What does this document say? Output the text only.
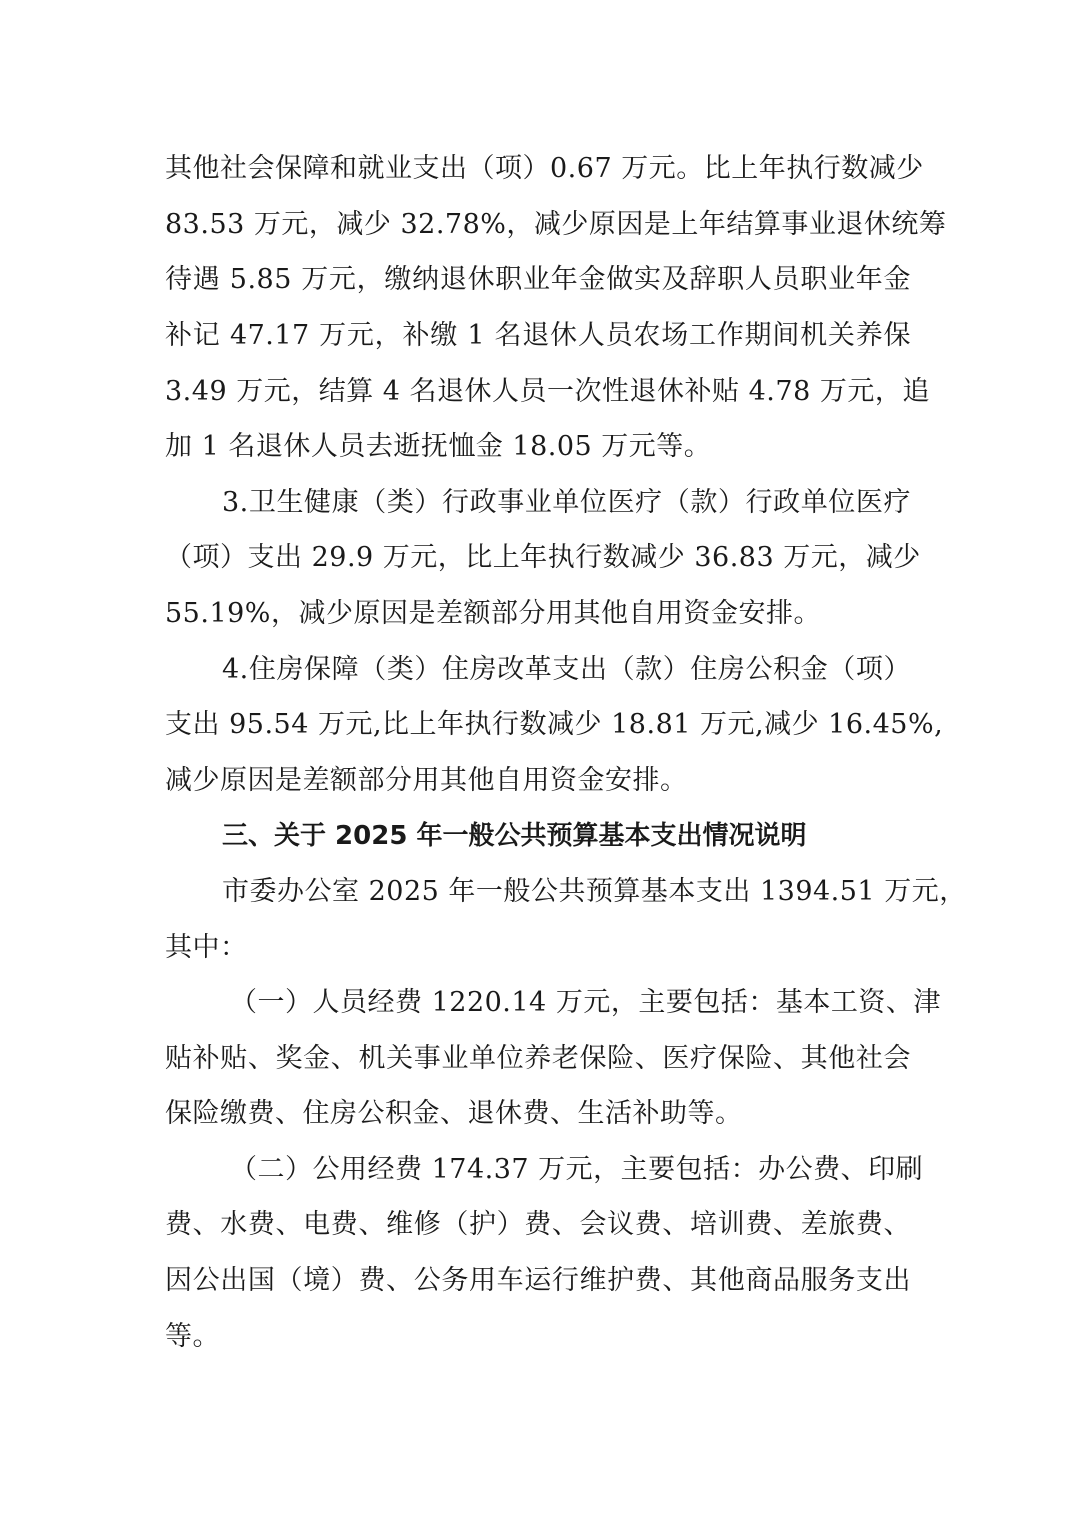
其他社会保障和就业支出（项）0.67 万元。比上年执行数减少

83.53 万元，减少 32.78%，减少原因是上年结算事业退休统筹

待遇 5.85 万元，缴纳退休职业年金做实及辞职人员职业年金

补记 47.17 万元，补缴 1 名退休人员农场工作期间机关养保

3.49 万元，结算 4 名退休人员一次性退休补贴 4.78 万元，追

加 1 名退休人员去逝抚恤金 18.05 万元等。

3.卫生健康（类）行政事业单位医疗（款）行政单位医疗

（项）支出 29.9 万元，比上年执行数减少 36.83 万元，减少

55.19%，减少原因是差额部分用其他自用资金安排。

4.住房保障（类）住房改革支出（款）住房公积金（项）

支出 95.54 万元,比上年执行数减少 18.81 万元,减少 16.45%,

减少原因是差额部分用其他自用资金安排。

三、关于 2025 年一般公共预算基本支出情况说明

市委办公室 2025 年一般公共预算基本支出 1394.51 万元，

其中：

（一）人员经费 1220.14 万元，主要包括：基本工资、津

贴补贴、奖金、机关事业单位养老保险、医疗保险、其他社会

保险缴费、住房公积金、退休费、生活补助等。

（二）公用经费 174.37 万元，主要包括：办公费、印刷

费、水费、电费、维修（护）费、会议费、培训费、差旅费、

因公出国（境）费、公务用车运行维护费、其他商品服务支出

等。
